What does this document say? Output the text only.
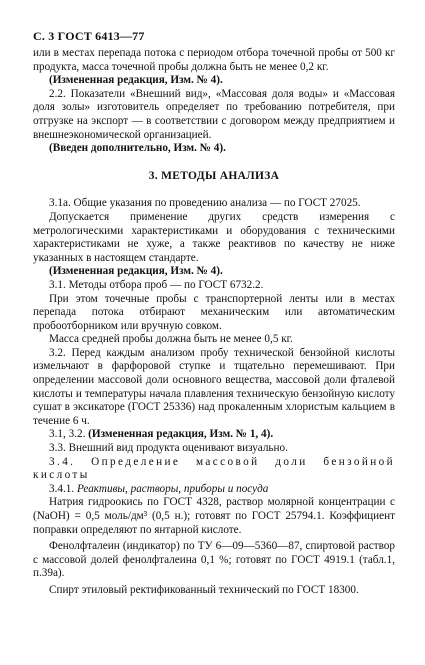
С. 3 ГОСТ 6413—77

или в местах перепада потока с периодом отбора точечной пробы от 500 кг продукта, масса точечной пробы должна быть не менее 0,2 кг.

(Измененная редакция, Изм. № 4).

2.2. Показатели «Внешний вид», «Массовая доля воды» и «Массовая доля золы» изготовитель определяет по требованию потребителя, при отгрузке на экспорт — в соответствии с договором между предприятием и внешнеэкономической организацией.

(Введен дополнительно, Изм. № 4).

3. МЕТОДЫ АНАЛИЗА

3.1а. Общие указания по проведению анализа — по ГОСТ 27025.

Допускается применение других средств измерения с метрологическими характеристиками и оборудования с техническими характеристиками не хуже, а также реактивов по качеству не ниже указанных в настоящем стандарте.

(Измененная редакция, Изм. № 4).

3.1. Методы отбора проб — по ГОСТ 6732.2.

При этом точечные пробы с транспортерной ленты или в местах перепада потока отбирают механическим или автоматическим пробоотборником или вручную совком.

Масса средней пробы должна быть не менее 0,5 кг.

3.2. Перед каждым анализом пробу технической бензойной кислоты измельчают в фарфоровой ступке и тщательно перемешивают. При определении массовой доли основного вещества, массовой доли фталевой кислоты и температуры начала плавления техническую бензойную кислоту сушат в эксикаторе (ГОСТ 25336) над прокаленным хлористым кальцием в течение 6 ч.

3.1, 3.2. (Измененная редакция, Изм. № 1, 4).

3.3. Внешний вид продукта оценивают визуально.

3.4. Определение массовой доли бензойной кислоты

3.4.1. Реактивы, растворы, приборы и посуда

Натрия гидроокись по ГОСТ 4328, раствор молярной концентрации с (NaOH) = 0,5 моль/дм³ (0,5 н.); готовят по ГОСТ 25794.1. Коэффициент поправки определяют по янтарной кислоте.

Фенолфталеин (индикатор) по ТУ 6—09—5360—87, спиртовой раствор с массовой долей фенолфталеина 0,1 %; готовят по ГОСТ 4919.1 (табл.1, п.39а).

Спирт этиловый ректификованный технический по ГОСТ 18300.
